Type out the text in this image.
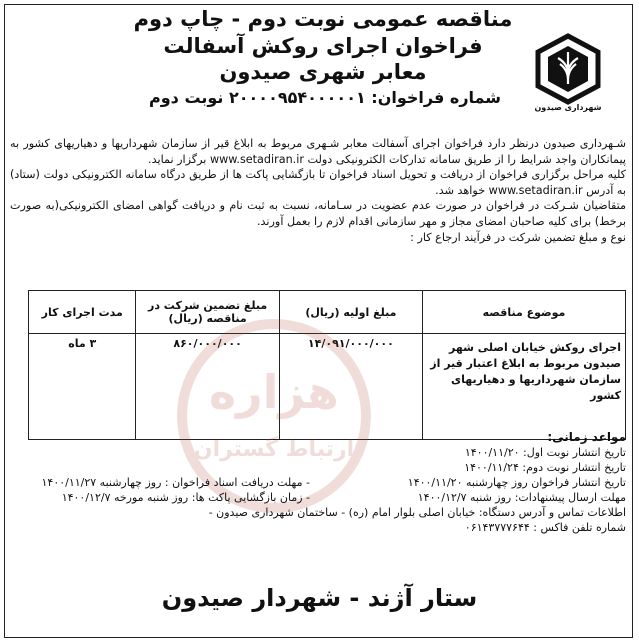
شهرداری صیدون
مناقصه عمومی نوبت دوم - چاپ دوم
فراخوان اجرای روکش آسفالت معابر شهری صیدون
شماره فراخوان: ۲۰۰۰۰۹۵۴۰۰۰۰۰۱ نوبت دوم

شـهرداری صیدون درنظر دارد فراخوان اجرای آسفالت معابر شـهری مربوط به ابلاغ قیر از سازمان شهرداریها و دهیاریهای کشور به پیمانکاران واجد شرایط را از طریق سامانه تدارکات الکترونیکی دولت www.setadiran.ir برگزار نماید.

کلیه مراحل برگزاری فراخوان از دریافت و تحویل اسناد فراخوان تا بازگشایی پاکت ها از طریق درگاه سامانه الکترونیکی دولت (ستاد) به آدرس www.setadiran.ir خواهد شد.

متقاضیان شـرکت در فراخوان در صورت عدم عضویت در سـامانه، نسبت به ثبت نام و دریافت گواهی امضای الکترونیکی(به صورت برخط) برای کلیه صاحبان امضای مجاز و مهر سازمانی اقدام لازم را بعمل آورند.

نوع و مبلغ تضمین شرکت در فرآیند ارجاع کار :

موضوع مناقصه	مبلغ اولیه (ریال)	مبلغ تضمین شرکت در مناقصه (ریال)	مدت اجرای کار
اجرای روکش خیابان اصلی شهر صیدون مربوط به ابلاغ اعتبار قیر از سازمان شهرداریها و دهیاریهای کشور	۱۴/۰۹۱/۰۰۰/۰۰۰	۸۶۰/۰۰۰/۰۰۰	۳ ماه
هزاره
ارتباط گستران	مواعد زمانی:
تاریخ انتشار نوبت اول: ۱۴۰۰/۱۱/۲۰
تاریخ انتشار نوبت دوم: ۱۴۰۰/۱۱/۲۴
تاریخ انتشار فراخوان روز چهارشنبه ۱۴۰۰/۱۱/۲۰
- مهلت دریافت اسناد فراخوان : روز چهارشنبه ۱۴۰۰/۱۱/۲۷
مهلت ارسال پیشنهادات: روز شنبه ۱۴۰۰/۱۲/۷
- زمان بازگشایی پاکت ها: روز شنبه مورخه ۱۴۰۰/۱۲/۷
اطلاعات تماس و آدرس دستگاه: خیابان اصلی بلوار امام (ره) - ساختمان شهرداری صیدون -
شماره تلفن فاکس : ۰۶۱۴۳۷۷۷۶۴۴
ستار آژند - شهردار صیدون
